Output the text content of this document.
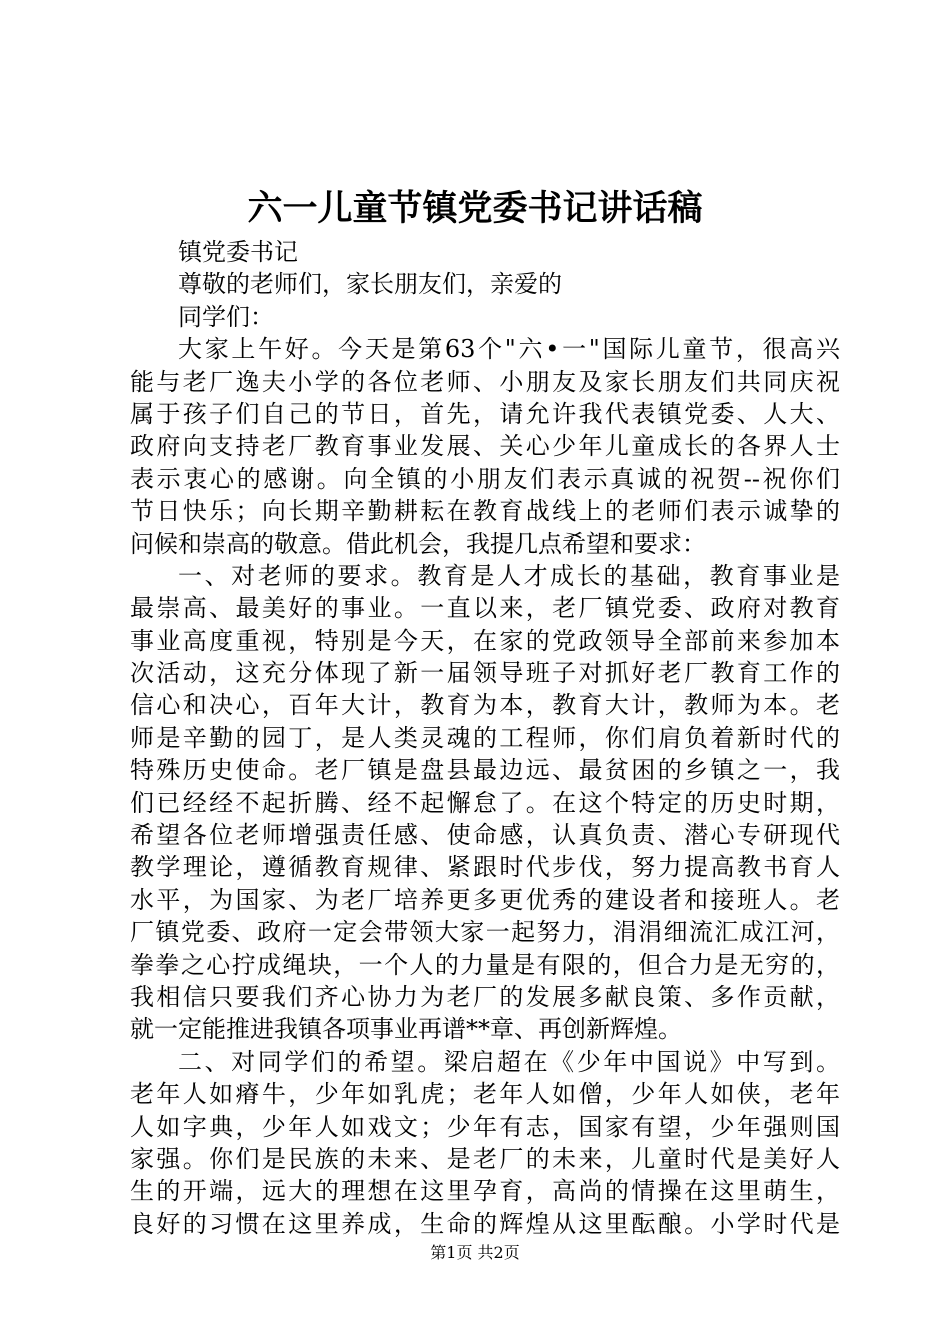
六一儿童节镇党委书记讲话稿
镇党委书记
尊敬的老师们，家长朋友们，亲爱的
同学们：
大家上午好。今天是第63个"六•一"国际儿童节，很高兴
能与老厂逸夫小学的各位老师、小朋友及家长朋友们共同庆祝
属于孩子们自己的节日，首先，请允许我代表镇党委、人大、
政府向支持老厂教育事业发展、关心少年儿童成长的各界人士
表示衷心的感谢。向全镇的小朋友们表示真诚的祝贺--祝你们
节日快乐；向长期辛勤耕耘在教育战线上的老师们表示诚挚的
问候和崇高的敬意。借此机会，我提几点希望和要求：
一、对老师的要求。教育是人才成长的基础，教育事业是
最崇高、最美好的事业。一直以来，老厂镇党委、政府对教育
事业高度重视，特别是今天，在家的党政领导全部前来参加本
次活动，这充分体现了新一届领导班子对抓好老厂教育工作的
信心和决心，百年大计，教育为本，教育大计，教师为本。老
师是辛勤的园丁，是人类灵魂的工程师，你们肩负着新时代的
特殊历史使命。老厂镇是盘县最边远、最贫困的乡镇之一，我
们已经经不起折腾、经不起懈怠了。在这个特定的历史时期，
希望各位老师增强责任感、使命感，认真负责、潜心专研现代
教学理论，遵循教育规律、紧跟时代步伐，努力提高教书育人
水平，为国家、为老厂培养更多更优秀的建设者和接班人。老
厂镇党委、政府一定会带领大家一起努力，涓涓细流汇成江河，
拳拳之心拧成绳块，一个人的力量是有限的，但合力是无穷的，
我相信只要我们齐心协力为老厂的发展多献良策、多作贡献，
就一定能推进我镇各项事业再谱**章、再创新辉煌。
二、对同学们的希望。梁启超在《少年中国说》中写到。
老年人如瘠牛，少年如乳虎；老年人如僧，少年人如侠，老年
人如字典，少年人如戏文；少年有志，国家有望，少年强则国
家强。你们是民族的未来、是老厂的未来，儿童时代是美好人
生的开端，远大的理想在这里孕育，高尚的情操在这里萌生，
良好的习惯在这里养成，生命的辉煌从这里酝酿。小学时代是
第1页 共2页
